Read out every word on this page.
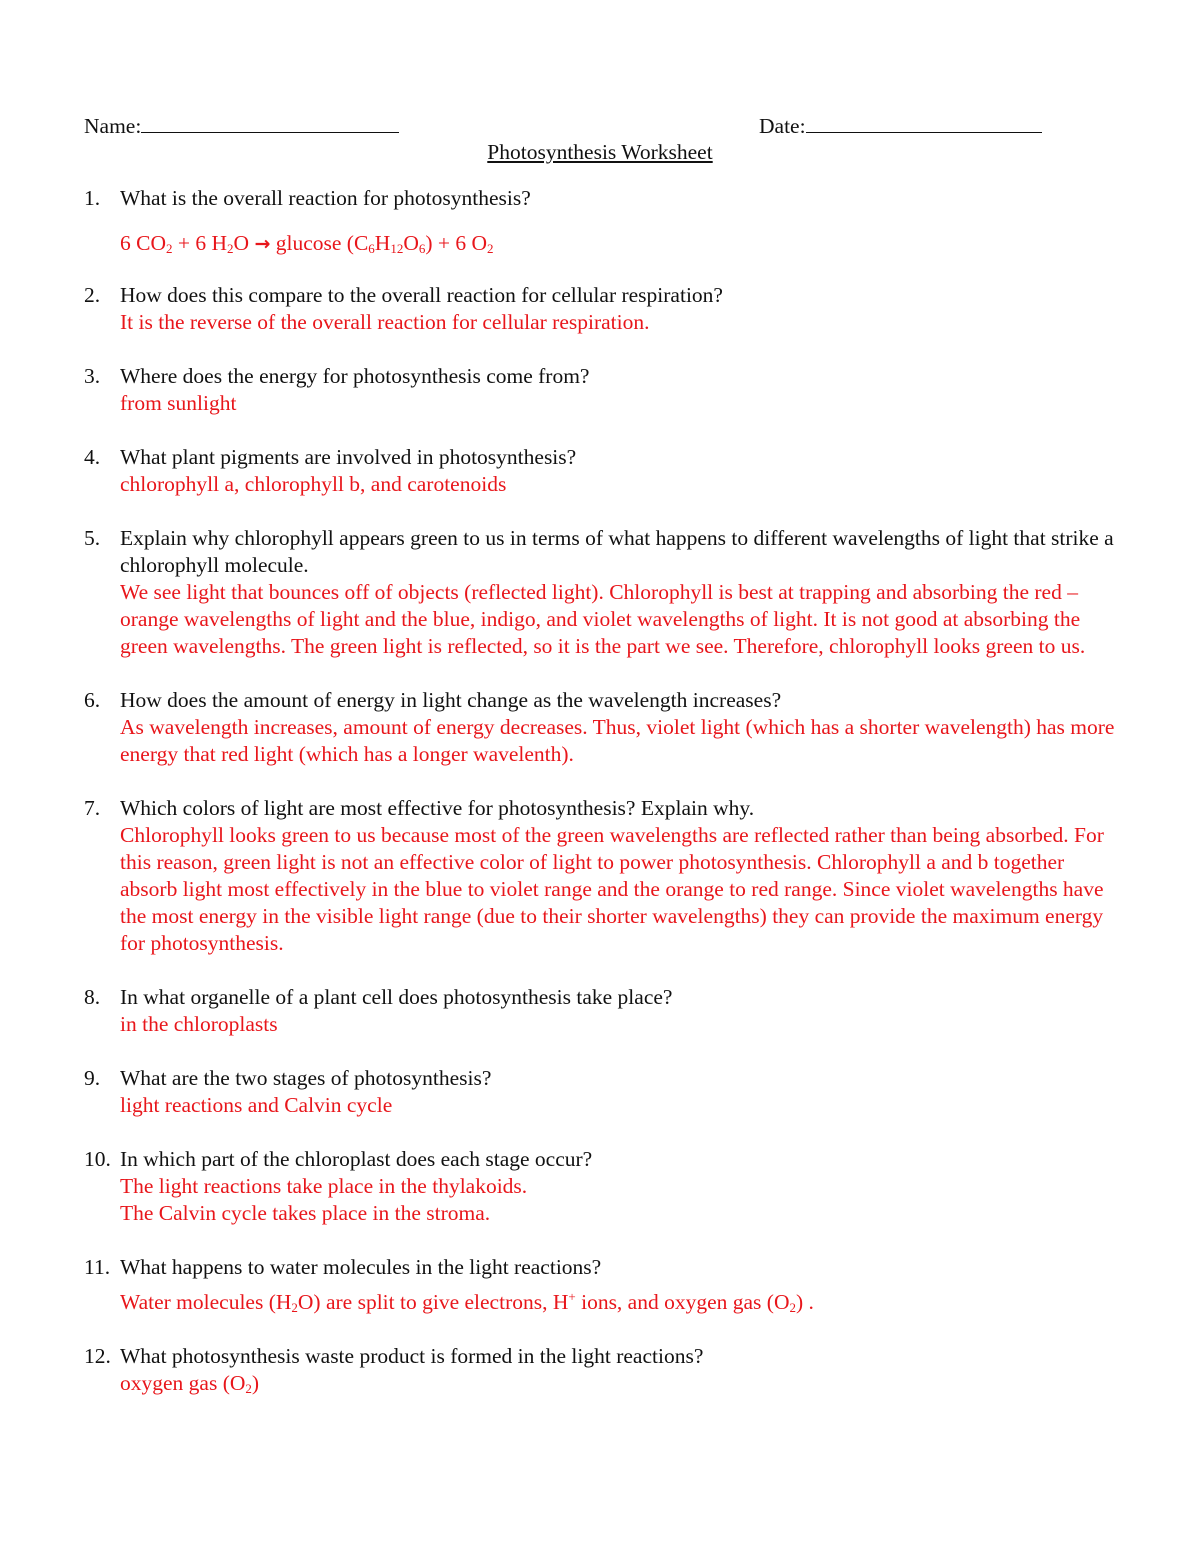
Name:	Date:
Photosynthesis Worksheet
1. What is the overall reaction for photosynthesis?
6 $CO_2 + 6$ $H_2O \to glucose$ $(C_6H_{12}O_6) + 6$ $O_2$
2. How does this compare to the overall reaction for cellular respiration?
It is the reverse of the overall reaction for cellular respiration.
3. Where does the energy for photosynthesis come from?
from sunlight
4. What plant pigments are involved in photosynthesis?
chlorophyll a, chlorophyll b, and carotenoids
5. Explain why chlorophyll appears green to us in terms of what happens to different wavelengths of light that strike a chlorophyll molecule.
We see light that bounces off of objects (reflected light). Chlorophyll is best at trapping and absorbing the red – orange wavelengths of light and the blue, indigo, and violet wavelengths of light. It is not good at absorbing the green wavelengths. The green light is reflected, so it is the part we see. Therefore, chlorophyll looks green to us.
6. How does the amount of energy in light change as the wavelength increases?
As wavelength increases, amount of energy decreases. Thus, violet light (which has a shorter wavelength) has more energy that red light (which has a longer wavelenth).
7. Which colors of light are most effective for photosynthesis? Explain why.
Chlorophyll looks green to us because most of the green wavelengths are reflected rather than being absorbed. For this reason, green light is not an effective color of light to power photosynthesis. Chlorophyll a and b together absorb light most effectively in the blue to violet range and the orange to red range. Since violet wavelengths have the most energy in the visible light range (due to their shorter wavelengths) they can provide the maximum energy for photosynthesis.
8. In what organelle of a plant cell does photosynthesis take place?
in the chloroplasts
9. What are the two stages of photosynthesis?
light reactions and Calvin cycle
10. In which part of the chloroplast does each stage occur?
The light reactions take place in the thylakoids.
The Calvin cycle takes place in the stroma.
11. What happens to water molecules in the light reactions?
Water molecules $(H_2O)$ are split to give electrons, H+ ions, and oxygen gas $(O_2)$ .
12. What photosynthesis waste product is formed in the light reactions?
oxygen gas $(O_2)$
